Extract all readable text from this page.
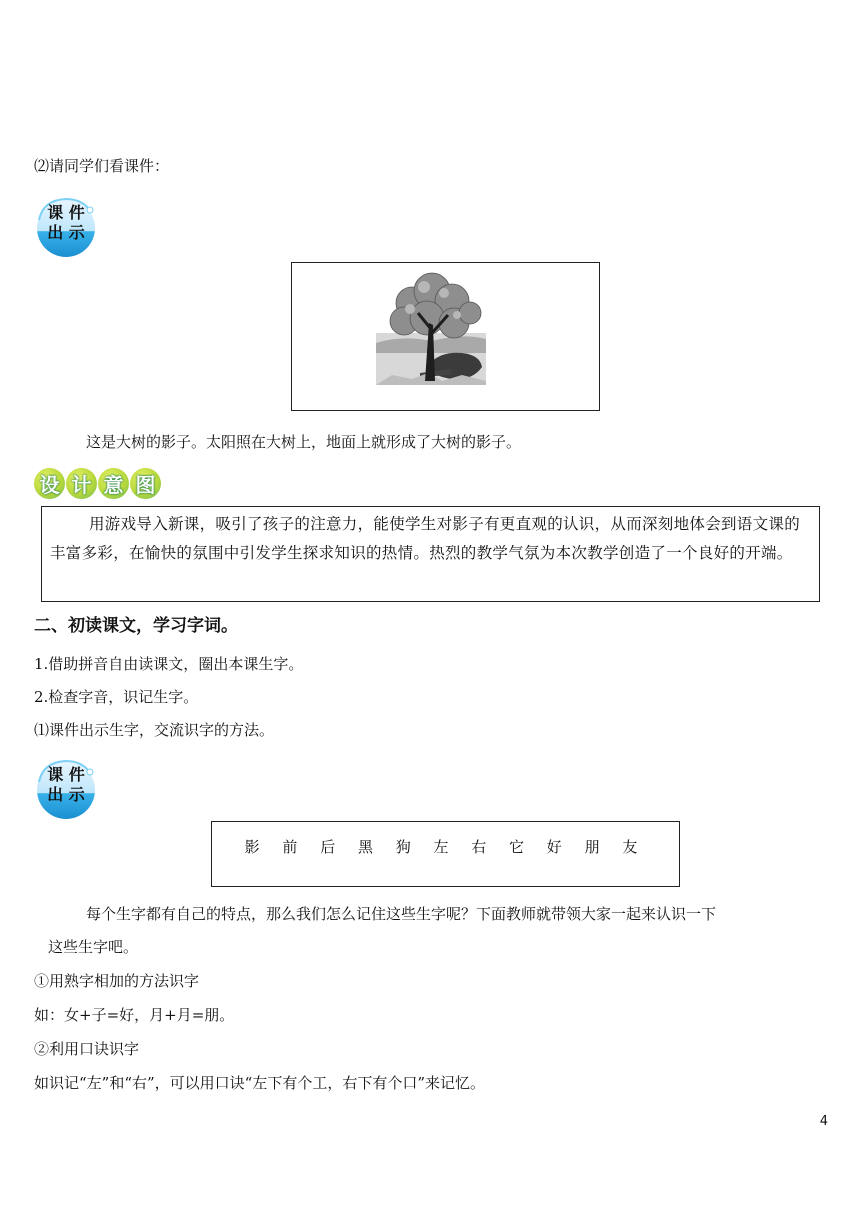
⑵请同学们看课件：
课 件
出 示
这是大树的影子。太阳照在大树上，地面上就形成了大树的影子。
设 计 意 图
用游戏导入新课，吸引了孩子的注意力，能使学生对影子有更直观的认识，从而深刻地体会到语文课的丰富多彩，在愉快的氛围中引发学生探求知识的热情。热烈的教学气氛为本次教学创造了一个良好的开端。
二、初读课文，学习字词。
1.借助拼音自由读课文，圈出本课生字。
2.检查字音，识记生字。
⑴课件出示生字，交流识字的方法。
课 件
出 示
影 前 后 黑 狗 左 右 它 好 朋 友
每个生字都有自己的特点，那么我们怎么记住这些生字呢？下面教师就带领大家一起来认识一下
这些生字吧。
①用熟字相加的方法识字
如：女+子=好，月+月=朋。
②利用口诀识字
如识记“左”和“右”，可以用口诀“左下有个工，右下有个口”来记忆。
4
